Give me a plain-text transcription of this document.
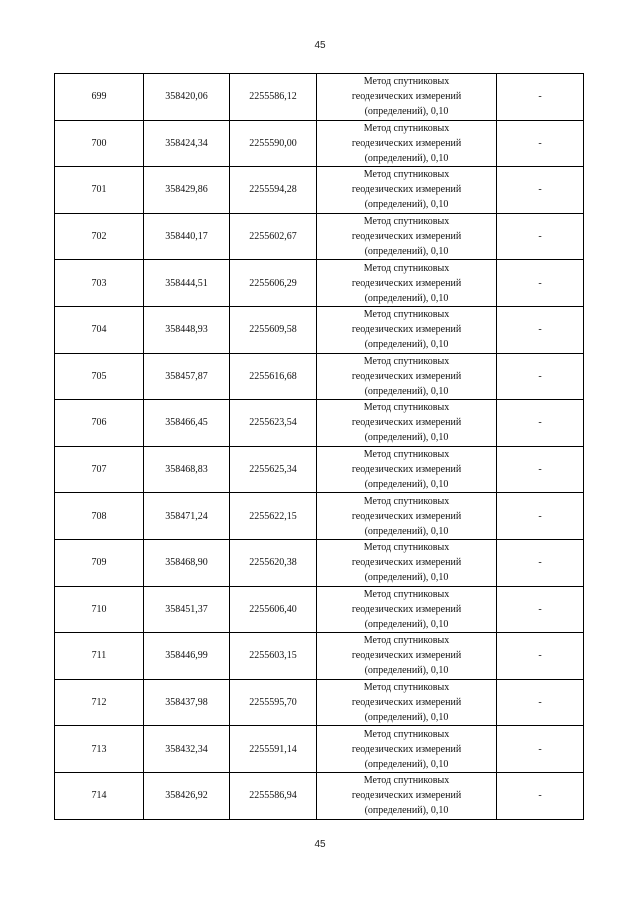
45
699	358420,06	2255586,12	Метод спутниковых
геодезических измерений
(определений), 0,10	-
700	358424,34	2255590,00	Метод спутниковых
геодезических измерений
(определений), 0,10	-
701	358429,86	2255594,28	Метод спутниковых
геодезических измерений
(определений), 0,10	-
702	358440,17	2255602,67	Метод спутниковых
геодезических измерений
(определений), 0,10	-
703	358444,51	2255606,29	Метод спутниковых
геодезических измерений
(определений), 0,10	-
704	358448,93	2255609,58	Метод спутниковых
геодезических измерений
(определений), 0,10	-
705	358457,87	2255616,68	Метод спутниковых
геодезических измерений
(определений), 0,10	-
706	358466,45	2255623,54	Метод спутниковых
геодезических измерений
(определений), 0,10	-
707	358468,83	2255625,34	Метод спутниковых
геодезических измерений
(определений), 0,10	-
708	358471,24	2255622,15	Метод спутниковых
геодезических измерений
(определений), 0,10	-
709	358468,90	2255620,38	Метод спутниковых
геодезических измерений
(определений), 0,10	-
710	358451,37	2255606,40	Метод спутниковых
геодезических измерений
(определений), 0,10	-
711	358446,99	2255603,15	Метод спутниковых
геодезических измерений
(определений), 0,10	-
712	358437,98	2255595,70	Метод спутниковых
геодезических измерений
(определений), 0,10	-
713	358432,34	2255591,14	Метод спутниковых
геодезических измерений
(определений), 0,10	-
714	358426,92	2255586,94	Метод спутниковых
геодезических измерений
(определений), 0,10	-
45
